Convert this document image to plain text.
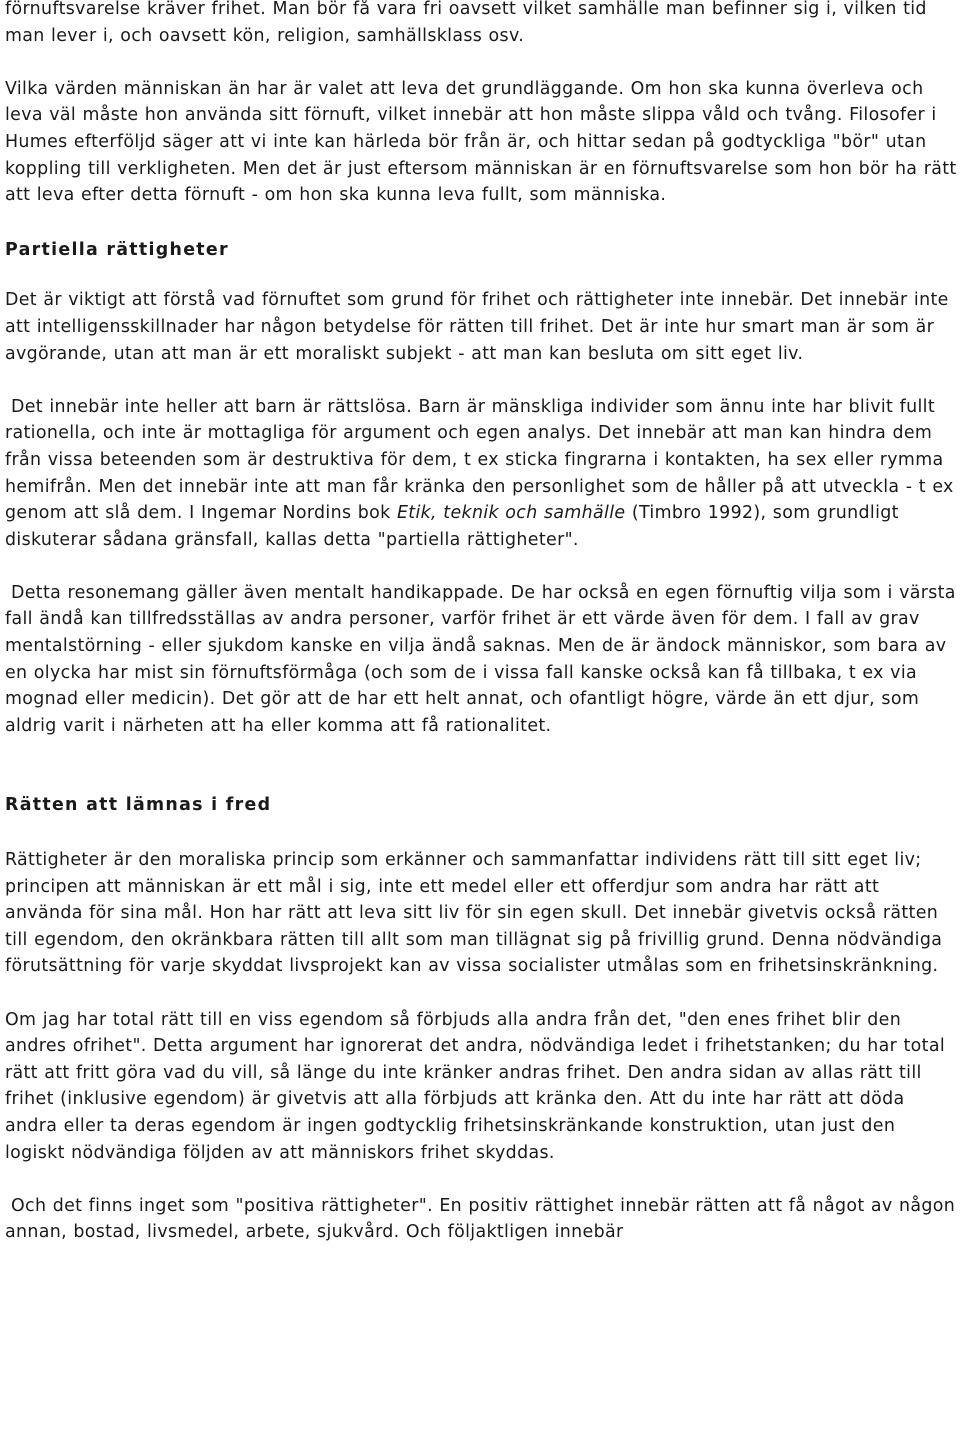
förnuftsvarelse kräver frihet. Man bör få vara fri oavsett vilket samhälle man befinner sig i, vilken tid man lever i, och oavsett kön, religion, samhällsklass osv.

Vilka värden människan än har är valet att leva det grundläggande. Om hon ska kunna överleva och leva väl måste hon använda sitt förnuft, vilket innebär att hon måste slippa våld och tvång. Filosofer i Humes efterföljd säger att vi inte kan härleda bör från är, och hittar sedan på godtyckliga "bör" utan koppling till verkligheten. Men det är just eftersom människan är en förnuftsvarelse som hon bör ha rätt att leva efter detta förnuft - om hon ska kunna leva fullt, som människa.

Partiella rättigheter

Det är viktigt att förstå vad förnuftet som grund för frihet och rättigheter inte innebär. Det innebär inte att intelligensskillnader har någon betydelse för rätten till frihet. Det är inte hur smart man är som är avgörande, utan att man är ett moraliskt subjekt - att man kan besluta om sitt eget liv.

Det innebär inte heller att barn är rättslösa. Barn är mänskliga individer som ännu inte har blivit fullt rationella, och inte är mottagliga för argument och egen analys. Det innebär att man kan hindra dem från vissa beteenden som är destruktiva för dem, t ex sticka fingrarna i kontakten, ha sex eller rymma hemifrån. Men det innebär inte att man får kränka den personlighet som de håller på att utveckla - t ex genom att slå dem. I Ingemar Nordins bok Etik, teknik och samhälle (Timbro 1992), som grundligt diskuterar sådana gränsfall, kallas detta "partiella rättigheter".

Detta resonemang gäller även mentalt handikappade. De har också en egen förnuftig vilja som i värsta fall ändå kan tillfredsställas av andra personer, varför frihet är ett värde även för dem. I fall av grav mentalstörning - eller sjukdom kanske en vilja ändå saknas. Men de är ändock människor, som bara av en olycka har mist sin förnuftsförmåga (och som de i vissa fall kanske också kan få tillbaka, t ex via mognad eller medicin). Det gör att de har ett helt annat, och ofantligt högre, värde än ett djur, som aldrig varit i närheten att ha eller komma att få rationalitet.

Rätten att lämnas i fred

Rättigheter är den moraliska princip som erkänner och sammanfattar individens rätt till sitt eget liv; principen att människan är ett mål i sig, inte ett medel eller ett offerdjur som andra har rätt att använda för sina mål. Hon har rätt att leva sitt liv för sin egen skull. Det innebär givetvis också rätten till egendom, den okränkbara rätten till allt som man tillägnat sig på frivillig grund. Denna nödvändiga förutsättning för varje skyddat livsprojekt kan av vissa socialister utmålas som en frihetsinskränkning.

Om jag har total rätt till en viss egendom så förbjuds alla andra från det, "den enes frihet blir den andres ofrihet". Detta argument har ignorerat det andra, nödvändiga ledet i frihetstanken; du har total rätt att fritt göra vad du vill, så länge du inte kränker andras frihet. Den andra sidan av allas rätt till frihet (inklusive egendom) är givetvis att alla förbjuds att kränka den. Att du inte har rätt att döda andra eller ta deras egendom är ingen godtycklig frihetsinskränkande konstruktion, utan just den logiskt nödvändiga följden av att människors frihet skyddas.

Och det finns inget som "positiva rättigheter". En positiv rättighet innebär rätten att få något av någon annan, bostad, livsmedel, arbete, sjukvård. Och följaktligen innebär
